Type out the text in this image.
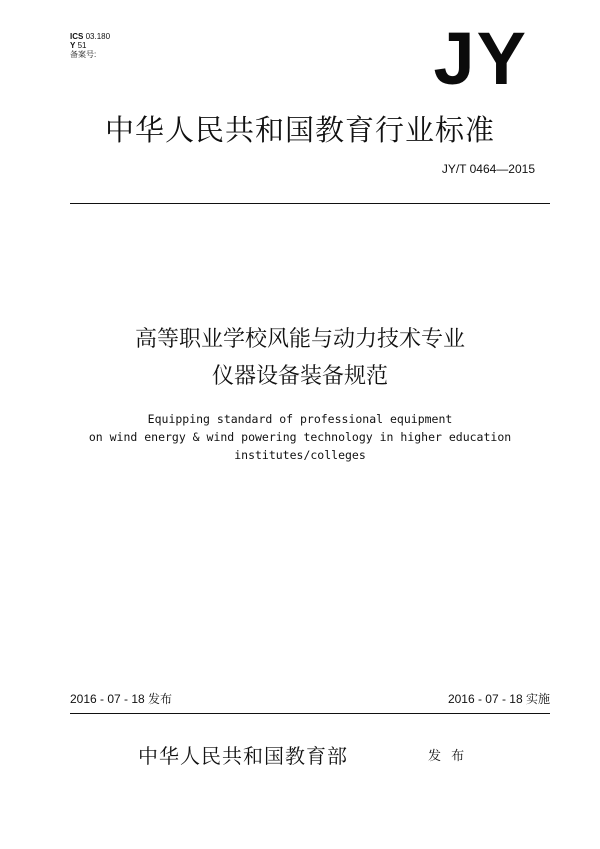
ICS 03.180
Y 51
备案号:	JY
中华人民共和国教育行业标准
JY/T 0464—2015
高等职业学校风能与动力技术专业
仪器设备装备规范
Equipping standard of professional equipment
on wind energy & wind powering technology in higher education
institutes/colleges
2016 - 07 - 18 发布	2016 - 07 - 18 实施
中华人民共和国教育部	发 布
